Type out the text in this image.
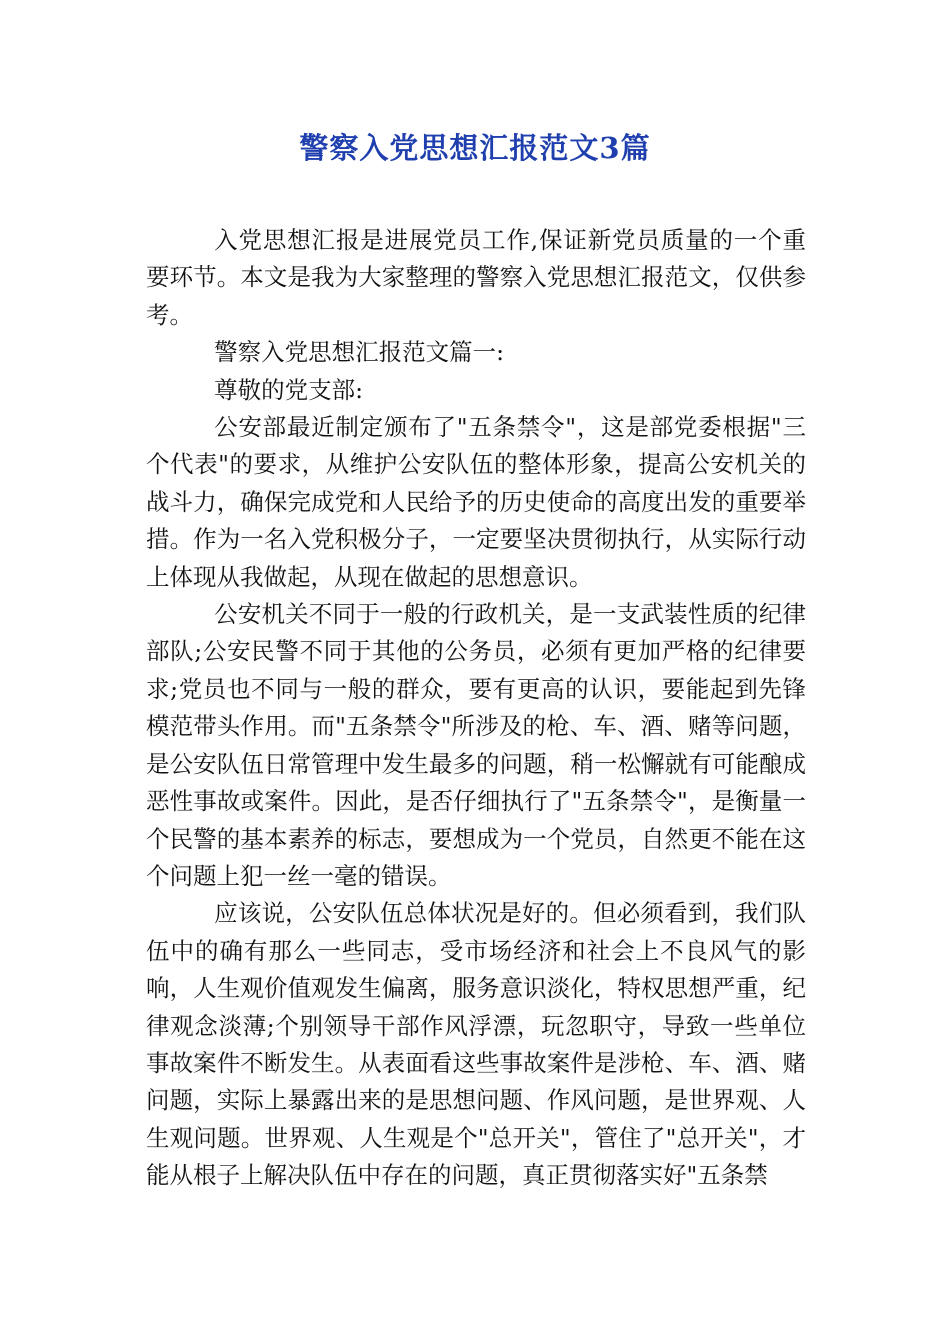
警察入党思想汇报范文3篇

入党思想汇报是进展党员工作,保证新党员质量的一个重要环节。本文是我为大家整理的警察入党思想汇报范文，仅供参考。

警察入党思想汇报范文篇一:

尊敬的党支部:

公安部最近制定颁布了"五条禁令"，这是部党委根据"三个代表"的要求，从维护公安队伍的整体形象，提高公安机关的战斗力，确保完成党和人民给予的历史使命的高度出发的重要举措。作为一名入党积极分子，一定要坚决贯彻执行，从实际行动上体现从我做起，从现在做起的思想意识。

公安机关不同于一般的行政机关，是一支武装性质的纪律部队;公安民警不同于其他的公务员，必须有更加严格的纪律要求;党员也不同与一般的群众，要有更高的认识，要能起到先锋模范带头作用。而"五条禁令"所涉及的枪、车、酒、赌等问题，是公安队伍日常管理中发生最多的问题，稍一松懈就有可能酿成恶性事故或案件。因此，是否仔细执行了"五条禁令"，是衡量一个民警的基本素养的标志，要想成为一个党员，自然更不能在这个问题上犯一丝一毫的错误。

应该说，公安队伍总体状况是好的。但必须看到，我们队伍中的确有那么一些同志，受市场经济和社会上不良风气的影响，人生观价值观发生偏离，服务意识淡化，特权思想严重，纪律观念淡薄;个别领导干部作风浮漂，玩忽职守，导致一些单位事故案件不断发生。从表面看这些事故案件是涉枪、车、酒、赌问题，实际上暴露出来的是思想问题、作风问题，是世界观、人生观问题。世界观、人生观是个"总开关"，管住了"总开关"，才能从根子上解决队伍中存在的问题，真正贯彻落实好"五条禁
